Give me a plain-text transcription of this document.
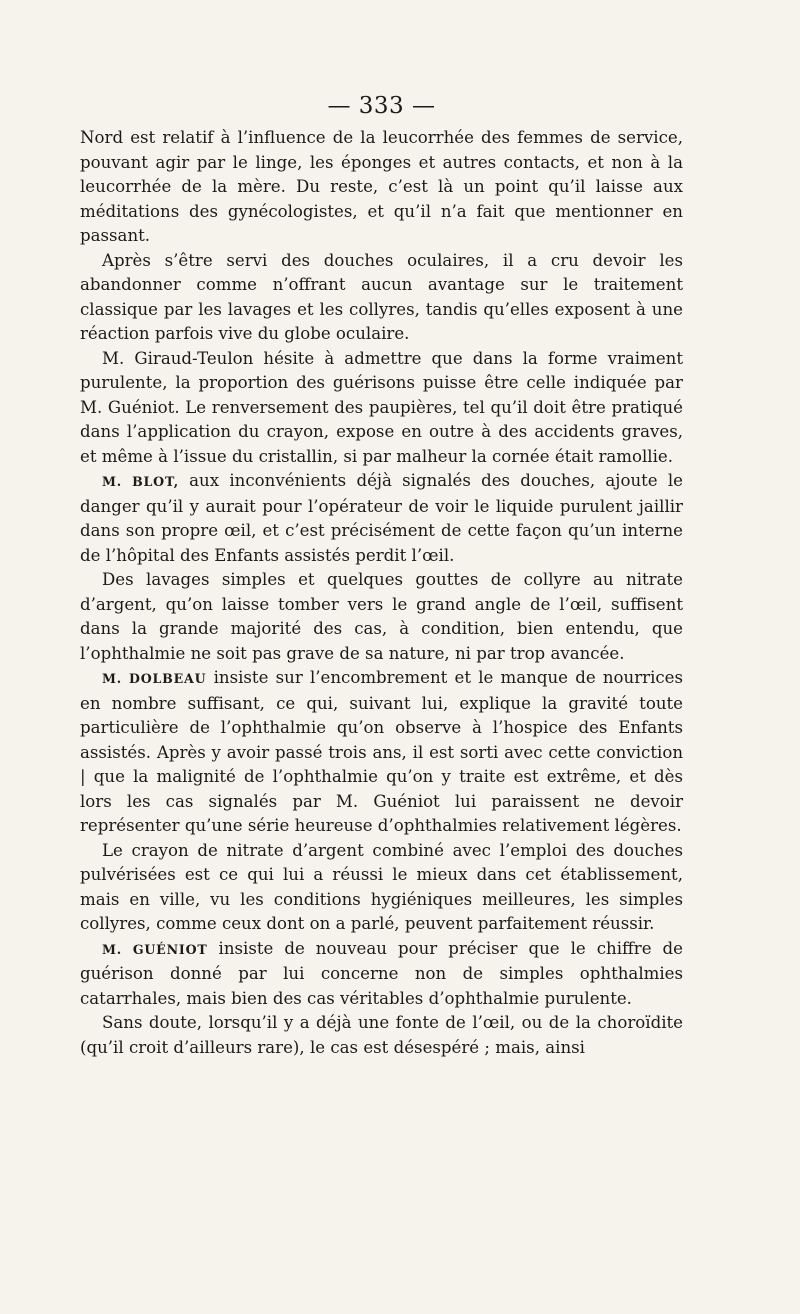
— 333 —

Nord est relatif à l’influence de la leucorrhée des femmes de service, pouvant agir par le linge, les éponges et autres contacts, et non à la leucorrhée de la mère. Du reste, c’est là un point qu’il laisse aux méditations des gynécologistes, et qu’il n’a fait que mentionner en passant.

Après s’être servi des douches oculaires, il a cru devoir les abandonner comme n’offrant aucun avantage sur le traitement classique par les lavages et les collyres, tandis qu’elles exposent à une réaction parfois vive du globe oculaire.

M. Giraud-Teulon hésite à admettre que dans la forme vraiment purulente, la proportion des guérisons puisse être celle indiquée par M. Guéniot. Le renversement des paupières, tel qu’il doit être pratiqué dans l’application du crayon, expose en outre à des accidents graves, et même à l’issue du cristallin, si par malheur la cornée était ramollie.

M. BLOT, aux inconvénients déjà signalés des douches, ajoute le danger qu’il y aurait pour l’opérateur de voir le liquide purulent jaillir dans son propre œil, et c’est précisément de cette façon qu’un interne de l’hôpital des Enfants assistés perdit l’œil.

Des lavages simples et quelques gouttes de collyre au nitrate d’argent, qu’on laisse tomber vers le grand angle de l’œil, suffisent dans la grande majorité des cas, à condition, bien entendu, que l’ophthalmie ne soit pas grave de sa nature, ni par trop avancée.

M. DOLBEAU insiste sur l’encombrement et le manque de nourrices en nombre suffisant, ce qui, suivant lui, explique la gravité toute particulière de l’ophthalmie qu’on observe à l’hospice des Enfants assistés. Après y avoir passé trois ans, il est sorti avec cette conviction | que la malignité de l’ophthalmie qu’on y traite est extrême, et dès lors les cas signalés par M. Guéniot lui paraissent ne devoir représenter qu’une série heureuse d’ophthalmies relativement légères.

Le crayon de nitrate d’argent combiné avec l’emploi des douches pulvérisées est ce qui lui a réussi le mieux dans cet établissement, mais en ville, vu les conditions hygiéniques meilleures, les simples collyres, comme ceux dont on a parlé, peuvent parfaitement réussir.

M. GUÉNIOT insiste de nouveau pour préciser que le chiffre de guérison donné par lui concerne non de simples ophthalmies catarrhales, mais bien des cas véritables d’ophthalmie purulente.

Sans doute, lorsqu’il y a déjà une fonte de l’œil, ou de la choroïdite (qu’il croit d’ailleurs rare), le cas est désespéré ; mais, ainsi
